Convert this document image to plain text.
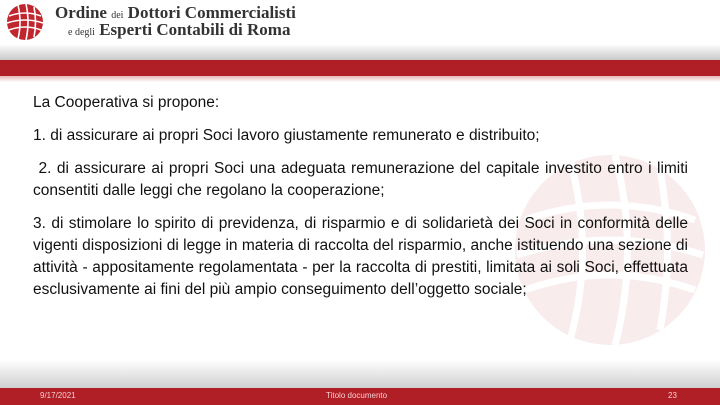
Ordine dei Dottori Commercialisti
e degli Esperti Contabili di Roma

La Cooperativa si propone:

1. di assicurare ai propri Soci lavoro giustamente remunerato e distribuito;

2. di assicurare ai propri Soci una adeguata remunerazione del capitale investito entro i limiti consentiti dalle leggi che regolano la cooperazione;

3. di stimolare lo spirito di previdenza, di risparmio e di solidarietà dei Soci in conformità delle vigenti disposizioni di legge in materia di raccolta del risparmio, anche istituendo una sezione di attività - appositamente regolamentata - per la raccolta di prestiti, limitata ai soli Soci, effettuata esclusivamente ai fini del più ampio conseguimento dell’oggetto sociale;

9/17/2021	Titolo documento	23
